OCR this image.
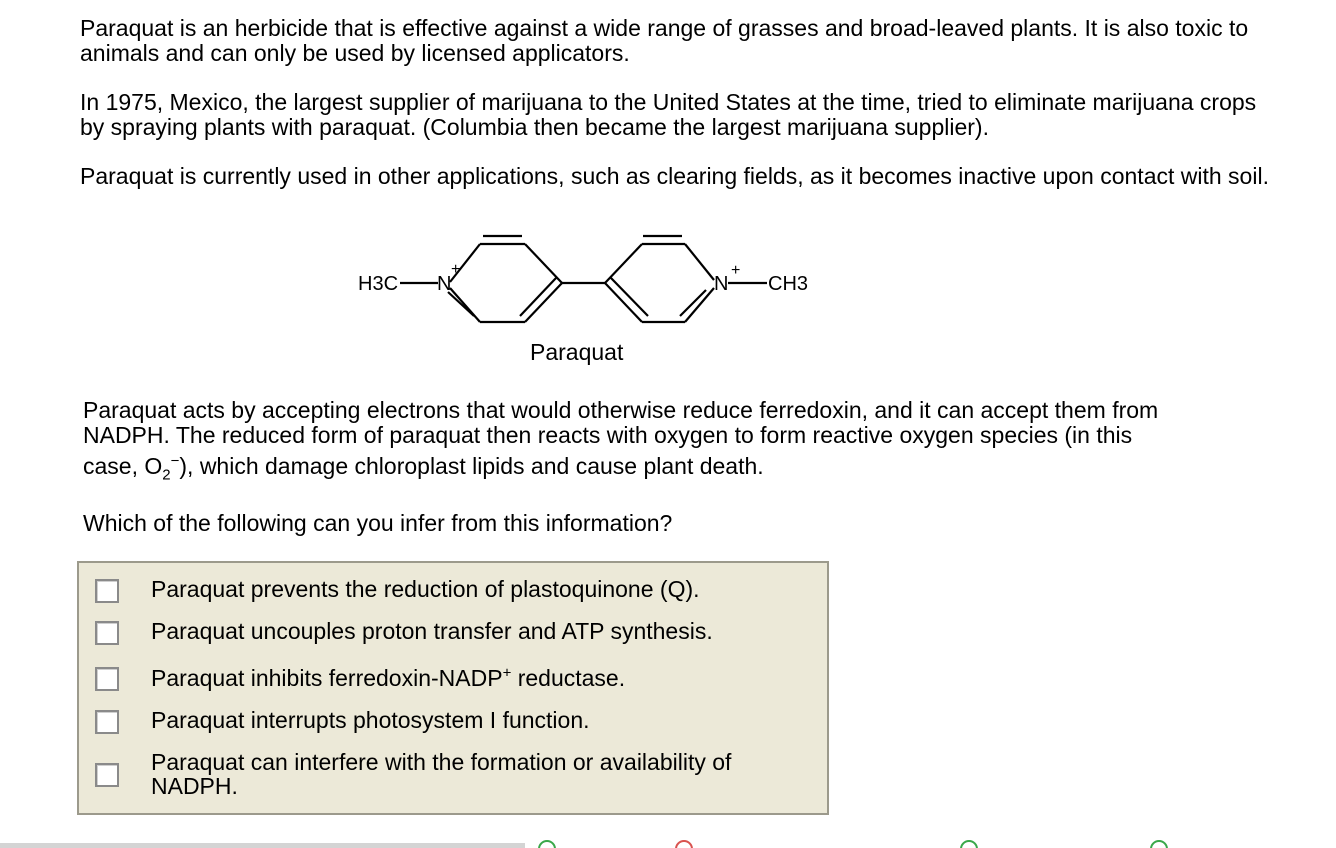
Paraquat is an herbicide that is effective against a wide range of grasses and broad-leaved plants. It is also toxic to animals and can only be used by licensed applicators.

In 1975, Mexico, the largest supplier of marijuana to the United States at the time, tried to eliminate marijuana crops by spraying plants with paraquat. (Columbia then became the largest marijuana supplier).

Paraquat is currently used in other applications, such as clearing fields, as it becomes inactive upon contact with soil.

H3C N
+
N
+
CH3
Paraquat

Paraquat acts by accepting electrons that would otherwise reduce ferredoxin, and it can accept them from
NADPH. The reduced form of paraquat then reacts with oxygen to form reactive oxygen species (in this
case, $O_2^-$), which damage chloroplast lipids and cause plant death.

Which of the following can you infer from this information?

Paraquat prevents the reduction of plastoquinone (Q).
Paraquat uncouples proton transfer and ATP synthesis.
Paraquat inhibits ferredoxin-NADP+ reductase.
Paraquat interrupts photosystem I function.
Paraquat can interfere with the formation or availability of NADPH.
